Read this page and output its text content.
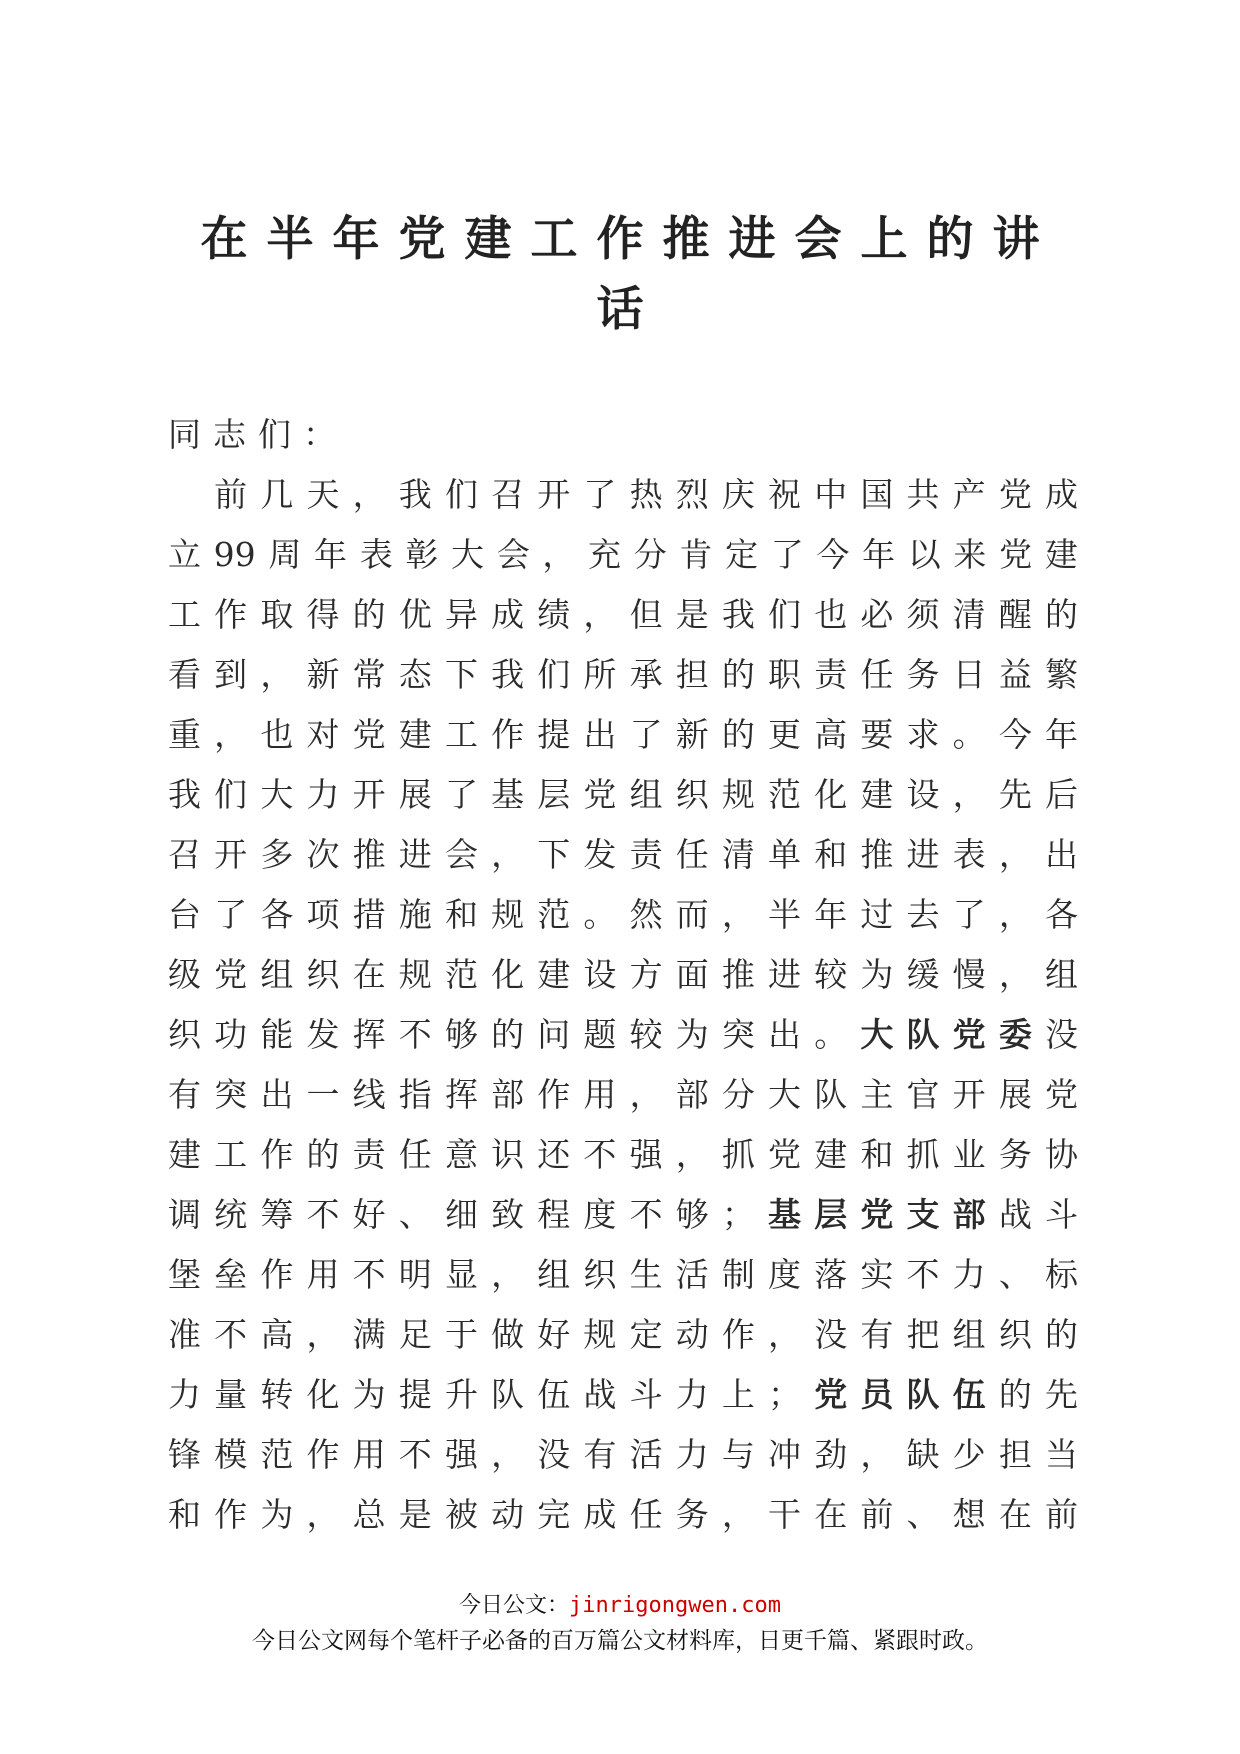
在半年党建工作推进会上的讲
话
同志们：

前 几 天 ， 我 们 召 开 了 热 烈 庆 祝 中 国 共 产 党 成
立 99 周 年 表 彰 大 会 ， 充 分 肯 定 了 今 年 以 来 党 建
工 作 取 得 的 优 异 成 绩 ， 但 是 我 们 也 必 须 清 醒 的
看 到 ， 新 常 态 下 我 们 所 承 担 的 职 责 任 务 日 益 繁
重 ， 也 对 党 建 工 作 提 出 了 新 的 更 高 要 求 。 今 年
我 们 大 力 开 展 了 基 层 党 组 织 规 范 化 建 设 ， 先 后
召 开 多 次 推 进 会 ， 下 发 责 任 清 单 和 推 进 表 ， 出
台 了 各 项 措 施 和 规 范 。 然 而 ， 半 年 过 去 了 ， 各
级 党 组 织 在 规 范 化 建 设 方 面 推 进 较 为 缓 慢 ， 组
织 功 能 发 挥 不 够 的 问 题 较 为 突 出 。 大 队 党 委 没
有 突 出 一 线 指 挥 部 作 用 ， 部 分 大 队 主 官 开 展 党
建 工 作 的 责 任 意 识 还 不 强 ， 抓 党 建 和 抓 业 务 协
调 统 筹 不 好 、 细 致 程 度 不 够 ； 基 层 党 支 部 战 斗
堡 垒 作 用 不 明 显 ， 组 织 生 活 制 度 落 实 不 力 、 标
准 不 高 ， 满 足 于 做 好 规 定 动 作 ， 没 有 把 组 织 的
力 量 转 化 为 提 升 队 伍 战 斗 力 上 ； 党 员 队 伍 的 先
锋 模 范 作 用 不 强 ， 没 有 活 力 与 冲 劲 ， 缺 少 担 当
和 作 为 ， 总 是 被 动 完 成 任 务 ， 干 在 前 、 想 在 前
今日公文：jinrigongwen.com
今日公文网每个笔杆子必备的百万篇公文材料库，日更千篇、紧跟时政。
